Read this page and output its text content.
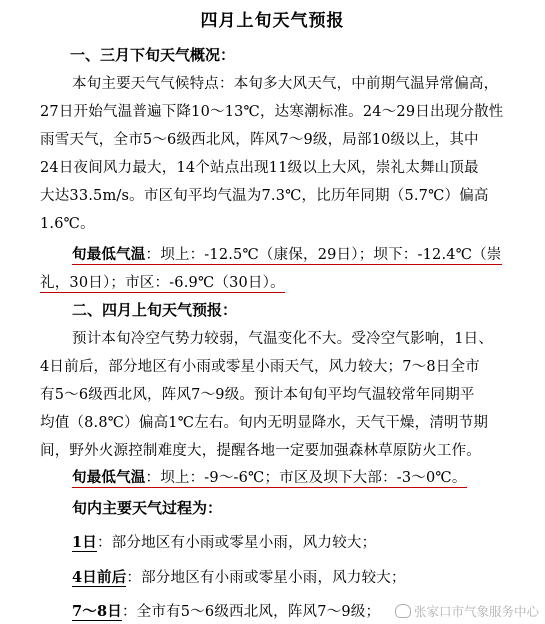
四月上旬天气预报
一、三月下旬天气概况：
本旬主要天气气候特点：本旬多大风天气，中前期气温异常偏高，
27日开始气温普遍下降10～13℃，达寒潮标准。24～29日出现分散性
雨雪天气，全市5～6级西北风，阵风7～9级，局部10级以上，其中
24日夜间风力最大，14个站点出现11级以上大风，崇礼太舞山顶最
大达33.5m/s。市区旬平均气温为7.3℃，比历年同期（5.7℃）偏高
1.6℃。
旬最低气温：坝上：-12.5℃（康保，29日）；坝下：-12.4℃（崇
礼，30日）；市区：-6.9℃（30日）。
二、四月上旬天气预报：
预计本旬冷空气势力较弱，气温变化不大。受冷空气影响，1日、
4日前后，部分地区有小雨或零星小雨天气，风力较大；7～8日全市
有5～6级西北风，阵风7～9级。预计本旬旬平均气温较常年同期平
均值（8.8℃）偏高1℃左右。旬内无明显降水，天气干燥，清明节期
间，野外火源控制难度大，提醒各地一定要加强森林草原防火工作。
旬最低气温：坝上：-9～-6℃；市区及坝下大部：-3～0℃。
旬内主要天气过程为：
1日：部分地区有小雨或零星小雨，风力较大；
4日前后：部分地区有小雨或零星小雨，风力较大；
7～8日：全市有5～6级西北风，阵风7～9级；	张家口市气象服务中心
